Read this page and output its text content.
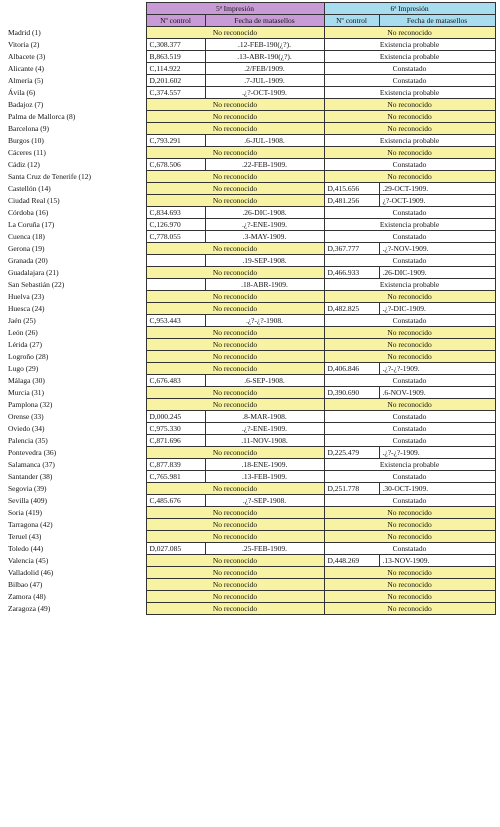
	5ª Impresión		6ª Impresión	
	Nº control	Fecha de matasellos	Nº control	Fecha de matasellos
Madrid (1)	No reconocido		No reconocido	
Vitoria (2)	C,308.377	.12-FEB-190(¿?).	Existencia probable	
Albacete (3)	B,863.519	.13-ABR-190(¿?).	Existencia probable	
Alicante (4)	C,114.922	.2/FEB/1909.	Constatado	
Almería (5)	D,201.602	.7-JUL-1909.	Constatado	
Ávila (6)	C,374.557	.¿?-OCT-1909.	Existencia probable	
Badajoz (7)	No reconocido		No reconocido	
Palma de Mallorca (8)	No reconocido		No reconocido	
Barcelona (9)	No reconocido		No reconocido	
Burgos (10)	C,793.291	.6-JUL-1908.	Existencia probable	
Cáceres (11)	No reconocido		No reconocido	
Cádiz (12)	C,678.506	.22-FEB-1909.	Constatado	
Santa Cruz de Tenerife (12)	No reconocido		No reconocido	
Castellón (14)	No reconocido		D,415.656	.29-OCT-1909.
Ciudad Real (15)	No reconocido		D,481.256	¿?-OCT-1909.
Córdoba (16)	C,834.693	.26-DIC-1908.	Constatado	
La Coruña (17)	C,126.970	.¿?-ENE-1909.	Existencia probable	
Cuenca (18)	C,778.055	.3-MAY-1909.	Constatado	
Gerona (19)	No reconocido		D,367.777	.¿?-NOV-1909.
Granada (20)		.19-SEP-1908.	Constatado	
Guadalajara (21)	No reconocido		D,466.933	.26-DIC-1909.
San Sebastián (22)		.18-ABR-1909.	Existencia probable	
Huelva (23)	No reconocido		No reconocido	
Huesca (24)	No reconocido		D,482.825	.¿?-DIC-1909.
Jaén (25)	C,953.443	.¿?-¿?-1908.	Constatado	
León (26)	No reconocido		No reconocido	
Lérida (27)	No reconocido		No reconocido	
Logroño (28)	No reconocido		No reconocido	
Lugo (29)	No reconocido		D,406.846	.¿?-¿?-1909.
Málaga (30)	C,676.483	.6-SEP-1908.	Constatado	
Murcia (31)	No reconocido		D,390.690	.6-NOV-1909.
Pamplona (32)	No reconocido		No reconocido	
Orense (33)	D,000.245	.8-MAR-1908.	Constatado	
Oviedo (34)	C,975.330	.¿?-ENE-1909.	Constatado	
Palencia (35)	C,871.696	.11-NOV-1908.	Constatado	
Pontevedra (36)	No reconocido		D,225.479	.¿?-¿?-1909.
Salamanca (37)	C,877.839	.18-ENE-1909.	Existencia probable	
Santander (38)	C,765.981	.13-FEB-1909.	Constatado	
Segovia (39)	No reconocido		D,251.778	.30-OCT-1909.
Sevilla (409)	C,485.676	.¿?-SEP-1908.	Constatado	
Soria (419)	No reconocido		No reconocido	
Tarragona (42)	No reconocido		No reconocido	
Teruel (43)	No reconocido		No reconocido	
Toledo (44)	D,027.085	.25-FEB-1909.	Constatado	
Valencia (45)	No reconocido		D,448.269	.13-NOV-1909.
Valladolid (46)	No reconocido		No reconocido	
Bilbao (47)	No reconocido		No reconocido	
Zamora (48)	No reconocido		No reconocido	
Zaragoza (49)	No reconocido		No reconocido	
